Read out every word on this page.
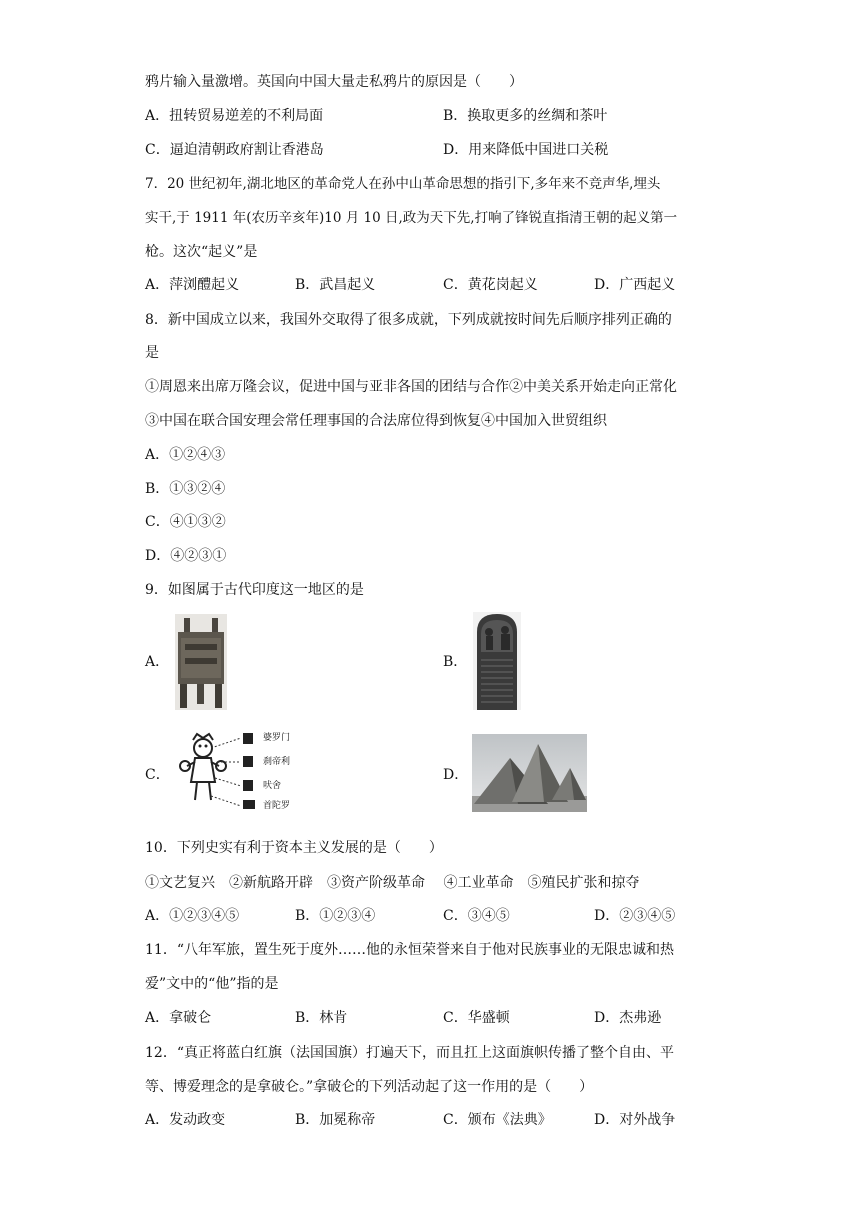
鸦片输入量激增。英国向中国大量走私鸦片的原因是（　　）
A．扭转贸易逆差的不利局面	B．换取更多的丝绸和茶叶
C．逼迫清朝政府割让香港岛	D．用来降低中国进口关税
7．20 世纪初年,湖北地区的革命党人在孙中山革命思想的指引下,多年来不竞声华,埋头
实干,于 1911 年(农历辛亥年)10 月 10 日,政为天下先,打响了锋锐直指清王朝的起义第一
枪。这次“起义”是
A．萍浏醴起义	B．武昌起义	C．黄花岗起义	D．广西起义
8．新中国成立以来，我国外交取得了很多成就，下列成就按时间先后顺序排列正确的
是
①周恩来出席万隆会议，促进中国与亚非各国的团结与合作②中美关系开始走向正常化
③中国在联合国安理会常任理事国的合法席位得到恢复④中国加入世贸组织
A．①②④③
B．①③②④
C．④①③②
D．④②③①
9．如图属于古代印度这一地区的是
A．	B．
C．
婆罗门
刹帝利
吠舍
首陀罗
D．
10．下列史实有利于资本主义发展的是（　　）
①文艺复兴　②新航路开辟　③资产阶级革命　 ④工业革命　⑤殖民扩张和掠夺
A．①②③④⑤	B．①②③④	C．③④⑤	D．②③④⑤
11．“八年军旅，置生死于度外……他的永恒荣誉来自于他对民族事业的无限忠诚和热
爱”文中的“他”指的是
A．拿破仑	B．林肯	C．华盛顿	D．杰弗逊
12．“真正将蓝白红旗（法国国旗）打遍天下，而且扛上这面旗帜传播了整个自由、平
等、博爱理念的是拿破仑。”拿破仑的下列活动起了这一作用的是（　　）
A．发动政变	B．加冕称帝	C．颁布《法典》	D．对外战争
